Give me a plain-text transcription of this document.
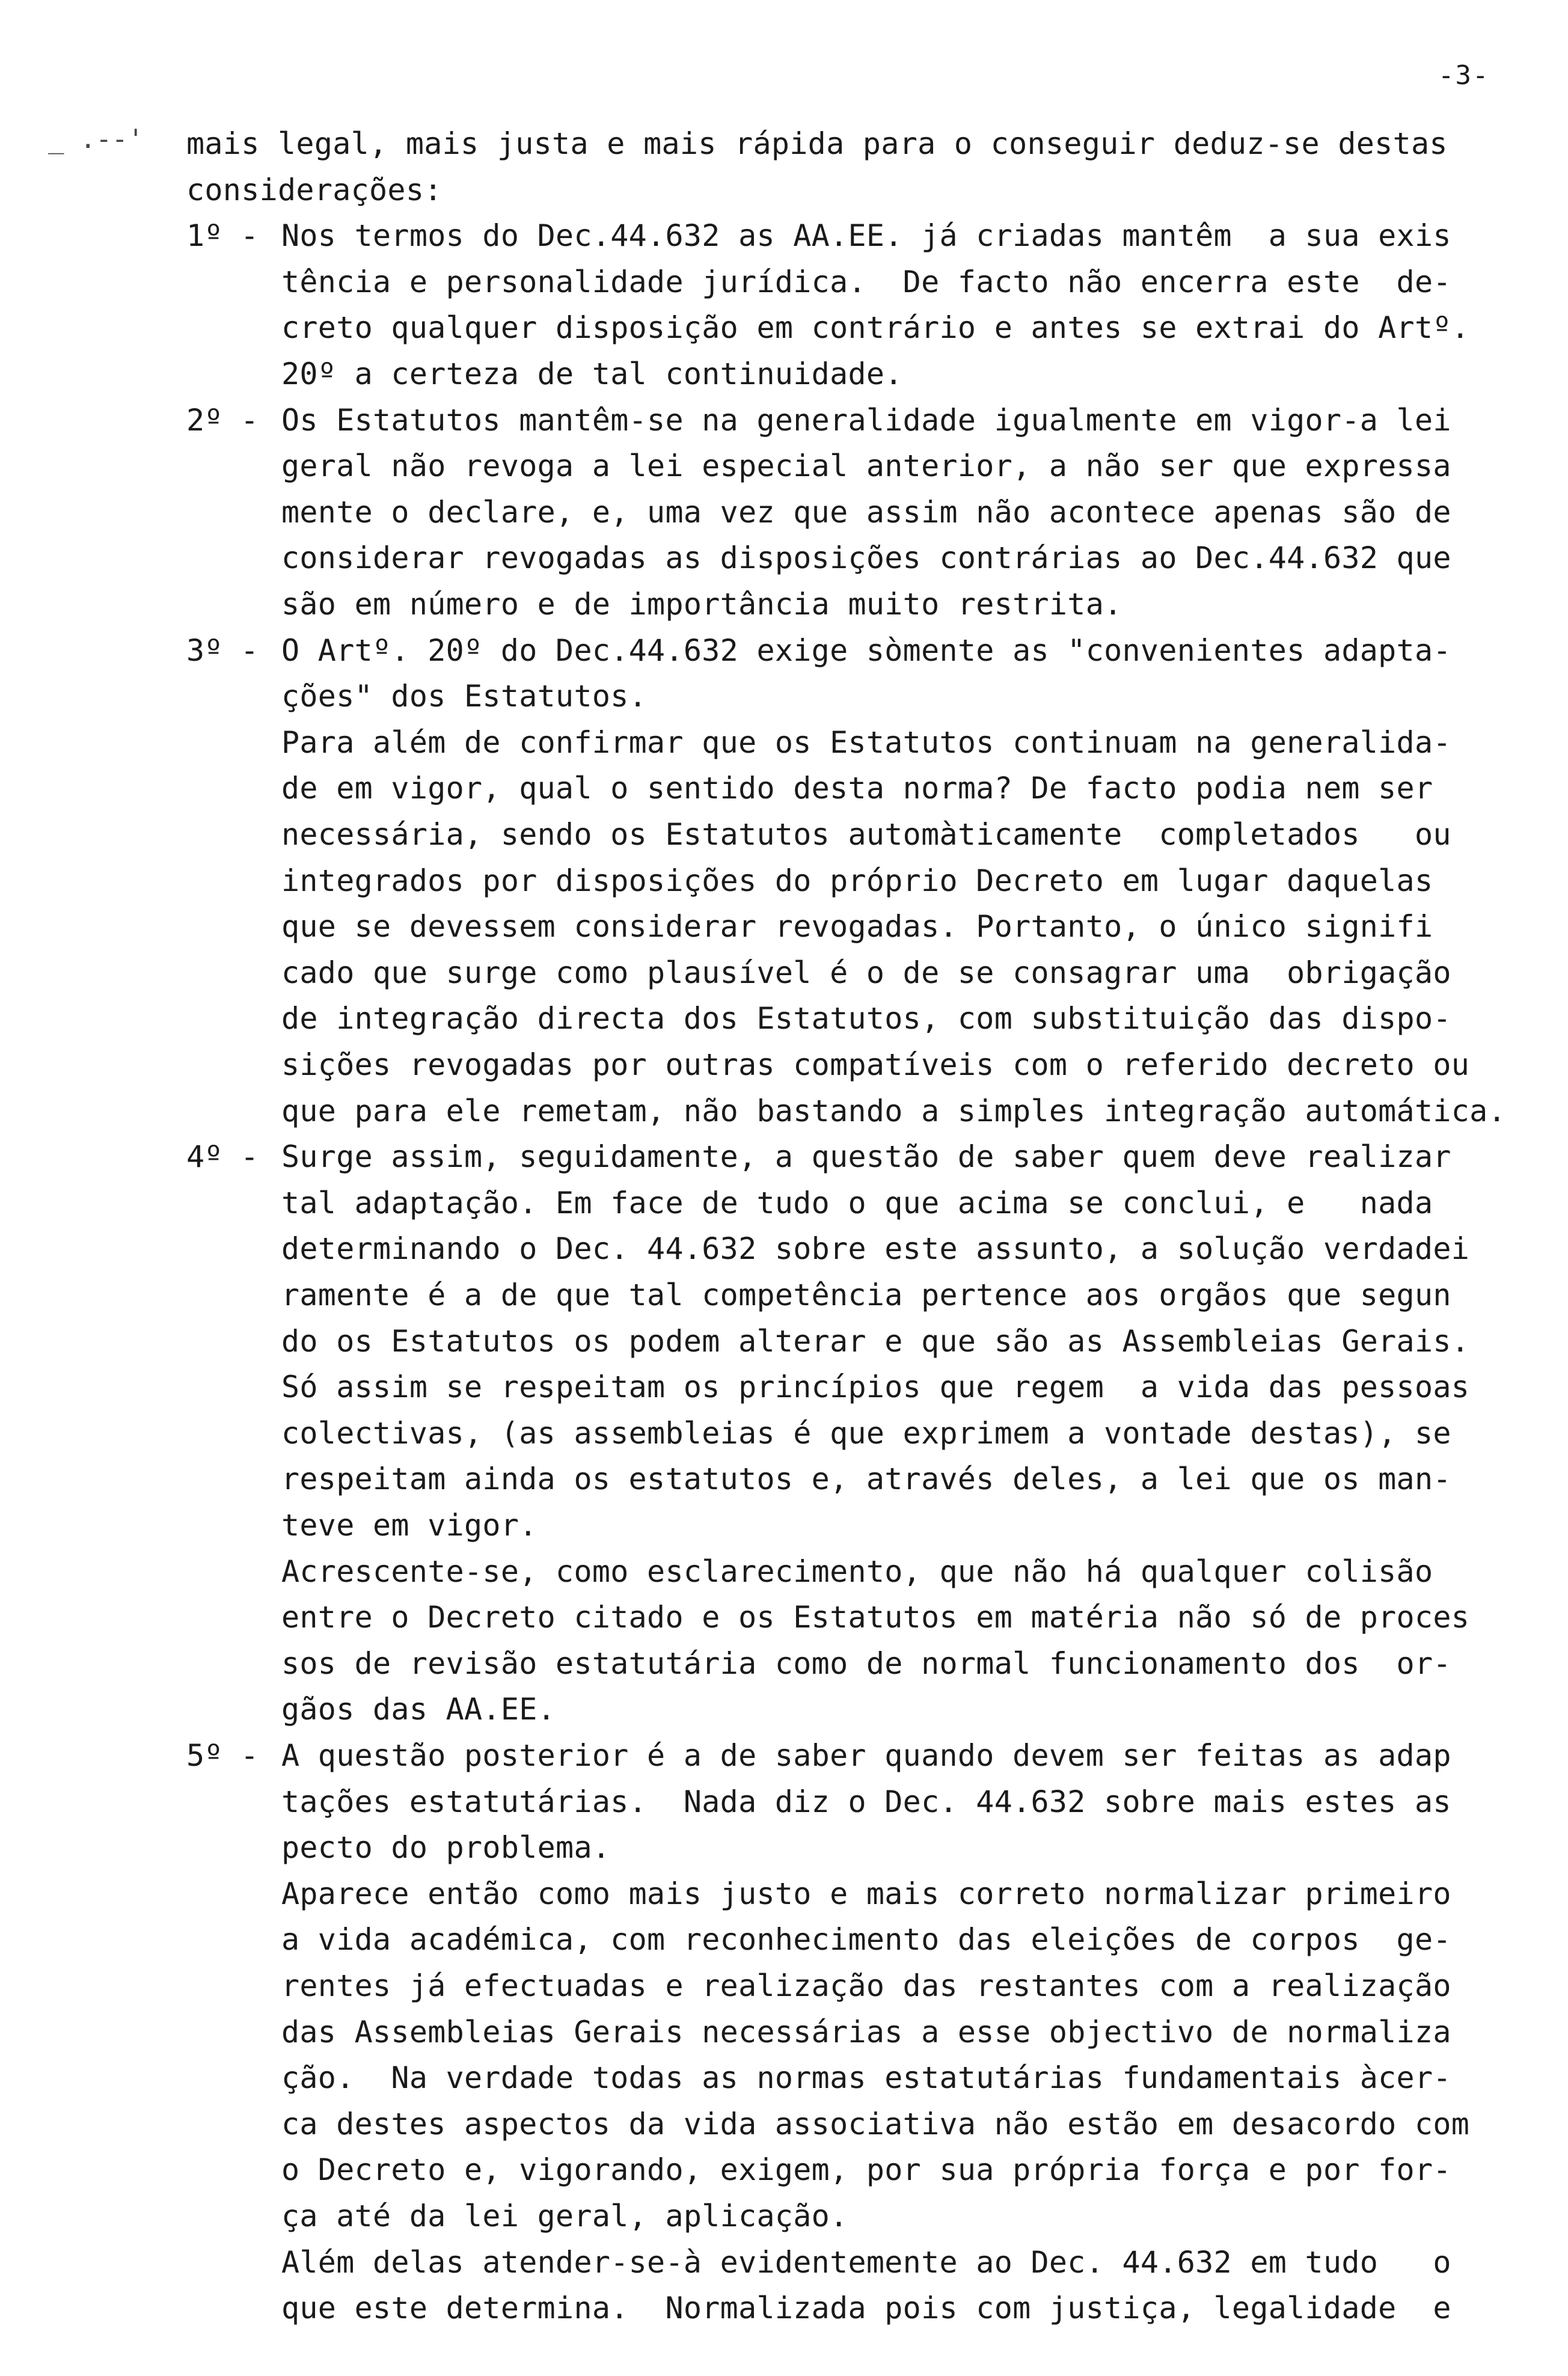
-3-
_ .--' mais legal, mais justa e mais rápida para o conseguir deduz-se destas
considerações:
1º - Nos termos do Dec.44.632 as AA.EE. já criadas mantêm  a sua exis
tência e personalidade jurídica.  De facto não encerra este  de-
creto qualquer disposição em contrário e antes se extrai do Artº.
20º a certeza de tal continuidade.
2º - Os Estatutos mantêm-se na generalidade igualmente em vigor-a lei
geral não revoga a lei especial anterior, a não ser que expressa
mente o declare, e, uma vez que assim não acontece apenas são de
considerar revogadas as disposições contrárias ao Dec.44.632 que
são em número e de importância muito restrita.
3º - O Artº. 20º do Dec.44.632 exige sòmente as "convenientes adapta-
ções" dos Estatutos.
Para além de confirmar que os Estatutos continuam na generalida-
de em vigor, qual o sentido desta norma? De facto podia nem ser
necessária, sendo os Estatutos automàticamente  completados   ou
integrados por disposições do próprio Decreto em lugar daquelas
que se devessem considerar revogadas. Portanto, o único signifi
cado que surge como plausível é o de se consagrar uma  obrigação
de integração directa dos Estatutos, com substituição das dispo-
sições revogadas por outras compatíveis com o referido decreto ou
que para ele remetam, não bastando a simples integração automática.
4º - Surge assim, seguidamente, a questão de saber quem deve realizar
tal adaptação. Em face de tudo o que acima se conclui, e   nada
determinando o Dec. 44.632 sobre este assunto, a solução verdadei
ramente é a de que tal competência pertence aos orgãos que segun
do os Estatutos os podem alterar e que são as Assembleias Gerais.
Só assim se respeitam os princípios que regem  a vida das pessoas
colectivas, (as assembleias é que exprimem a vontade destas), se
respeitam ainda os estatutos e, através deles, a lei que os man-
teve em vigor.
Acrescente-se, como esclarecimento, que não há qualquer colisão
entre o Decreto citado e os Estatutos em matéria não só de proces
sos de revisão estatutária como de normal funcionamento dos  or-
gãos das AA.EE.
5º - A questão posterior é a de saber quando devem ser feitas as adap
tações estatutárias.  Nada diz o Dec. 44.632 sobre mais estes as
pecto do problema.
Aparece então como mais justo e mais correto normalizar primeiro
a vida académica, com reconhecimento das eleições de corpos  ge-
rentes já efectuadas e realização das restantes com a realização
das Assembleias Gerais necessárias a esse objectivo de normaliza
ção.  Na verdade todas as normas estatutárias fundamentais àcer-
ca destes aspectos da vida associativa não estão em desacordo com
o Decreto e, vigorando, exigem, por sua própria força e por for-
ça até da lei geral, aplicação.
Além delas atender-se-à evidentemente ao Dec. 44.632 em tudo   o
que este determina.  Normalizada pois com justiça, legalidade  e
